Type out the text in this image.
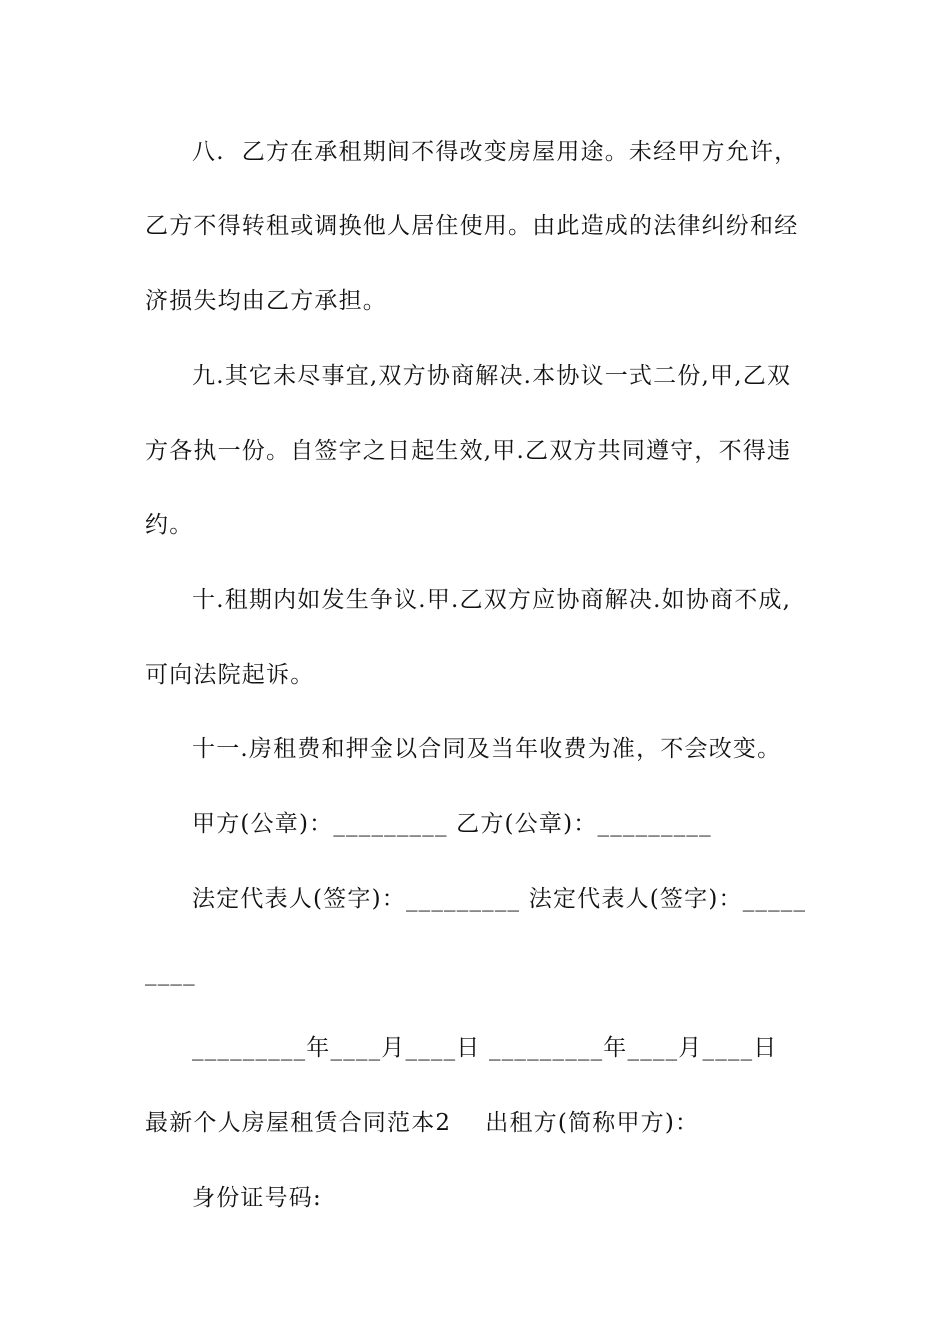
八.  乙方在承租期间不得改变房屋用途。未经甲方允许，
乙方不得转租或调换他人居住使用。由此造成的法律纠纷和经
济损失均由乙方承担。
九.其它未尽事宜,双方协商解决.本协议一式二份,甲,乙双
方各执一份。自签字之日起生效,甲.乙双方共同遵守，不得违
约。
十.租期内如发生争议.甲.乙双方应协商解决.如协商不成,
可向法院起诉。
十一.房租费和押金以合同及当年收费为准，不会改变。
甲方(公章)：_________ 乙方(公章)：_________
法定代表人(签字)：_________ 法定代表人(签字)：_____
____
_________年____月____日 _________年____月____日
最新个人房屋租赁合同范本2    出租方(简称甲方)：
身份证号码:
